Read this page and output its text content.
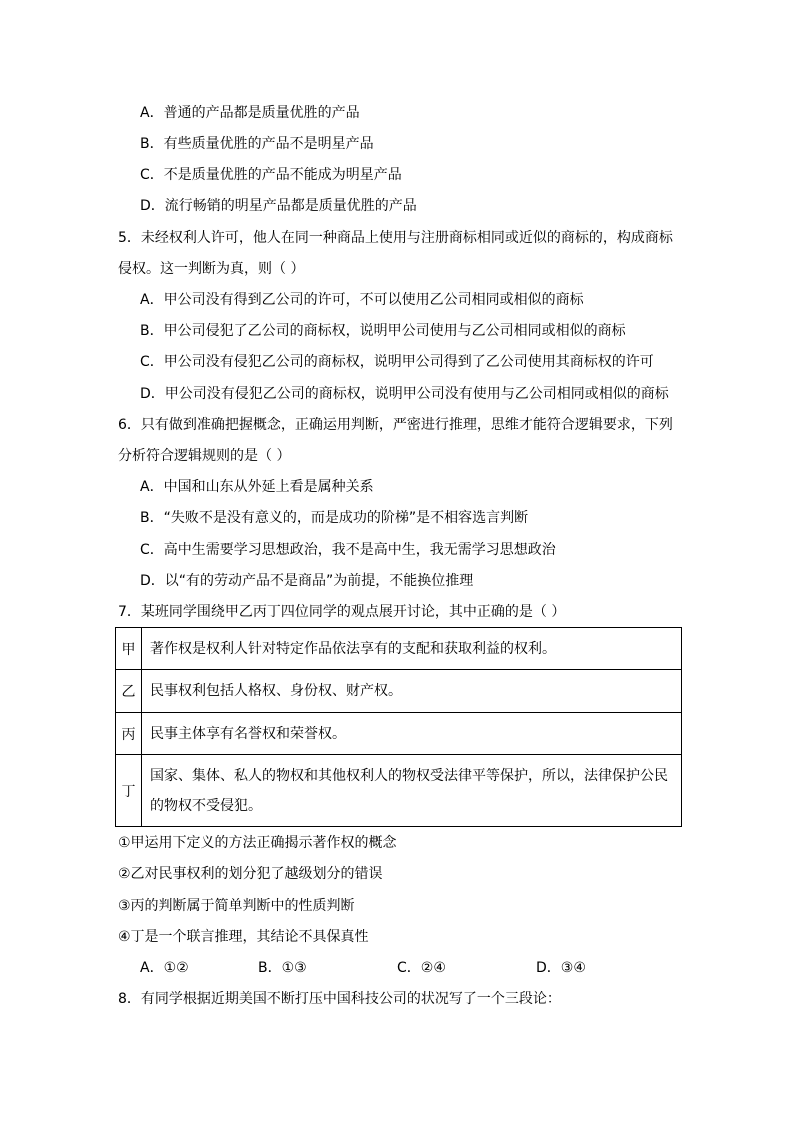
A．普通的产品都是质量优胜的产品
B．有些质量优胜的产品不是明星产品
C．不是质量优胜的产品不能成为明星产品
D．流行畅销的明星产品都是质量优胜的产品
5．未经权利人许可，他人在同一种商品上使用与注册商标相同或近似的商标的，构成商标
侵权。这一判断为真，则（ ）
A．甲公司没有得到乙公司的许可，不可以使用乙公司相同或相似的商标
B．甲公司侵犯了乙公司的商标权，说明甲公司使用与乙公司相同或相似的商标
C．甲公司没有侵犯乙公司的商标权，说明甲公司得到了乙公司使用其商标权的许可
D．甲公司没有侵犯乙公司的商标权，说明甲公司没有使用与乙公司相同或相似的商标
6．只有做到准确把握概念，正确运用判断，严密进行推理，思维才能符合逻辑要求，下列
分析符合逻辑规则的是（ ）
A．中国和山东从外延上看是属种关系
B．“失败不是没有意义的，而是成功的阶梯”是不相容选言判断
C．高中生需要学习思想政治，我不是高中生，我无需学习思想政治
D．以“有的劳动产品不是商品”为前提，不能换位推理
7．某班同学围绕甲乙丙丁四位同学的观点展开讨论，其中正确的是（ ）
甲	著作权是权利人针对特定作品依法享有的支配和获取利益的权利。
乙	民事权利包括人格权、身份权、财产权。
丙	民事主体享有名誉权和荣誉权。
丁	国家、集体、私人的物权和其他权利人的物权受法律平等保护，所以，法律保护公民
的物权不受侵犯。
①甲运用下定义的方法正确揭示著作权的概念
②乙对民事权利的划分犯了越级划分的错误
③丙的判断属于简单判断中的性质判断
④丁是一个联言推理，其结论不具保真性
A．①②	B．①③	C．②④	D．③④
8．有同学根据近期美国不断打压中国科技公司的状况写了一个三段论：
